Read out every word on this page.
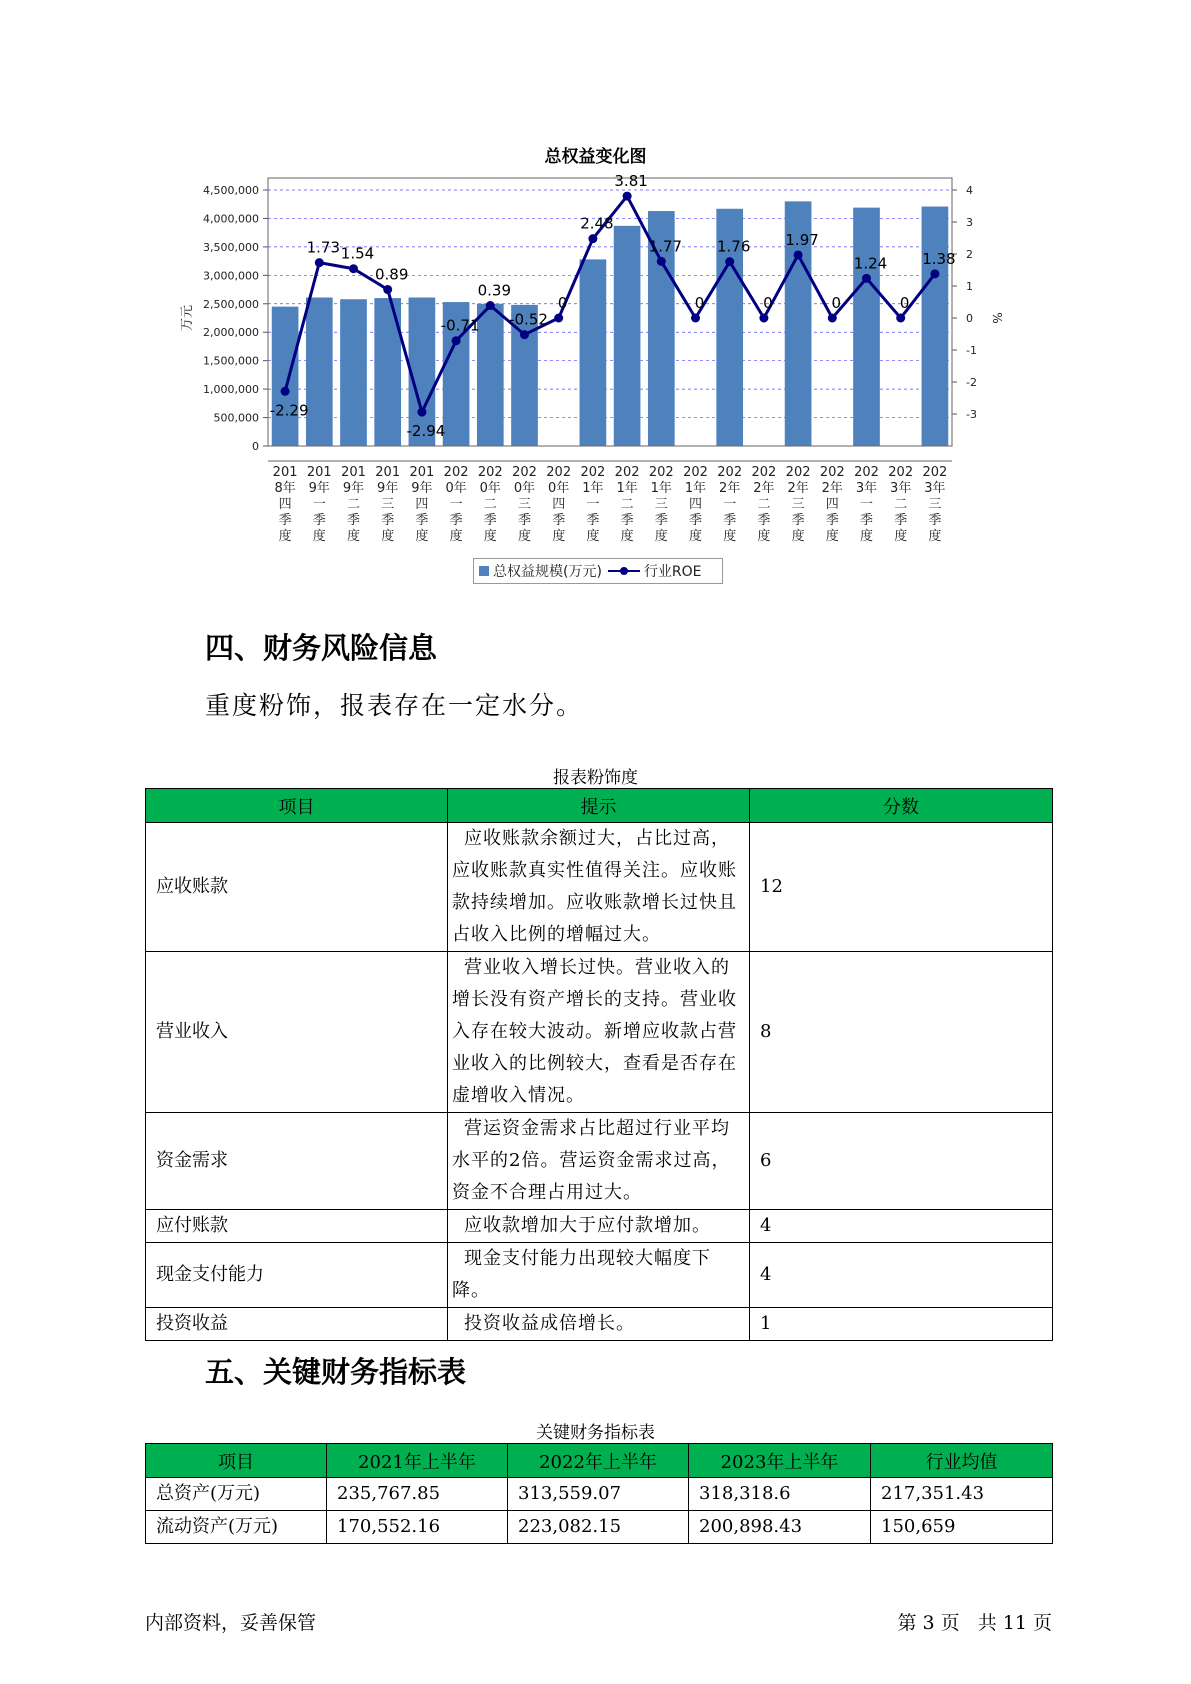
总权益变化图
0
500,000
1,000,000
1,500,000
2,000,000
2,500,000
3,000,000
3,500,000
4,000,000
4,500,000
-3
-2
-1
0
1
2
3
4
万元	%
201 8年四季度
201 9年一季度
201 9年二季度
201 9年三季度
201 9年四季度
202 0年一季度
202 0年二季度
202 0年三季度
202 0年四季度
202 1年一季度
202 1年二季度
202 1年三季度
202 1年四季度
202 2年一季度
202 2年二季度
202 2年三季度
202 2年四季度
202 3年一季度
202 3年二季度
202 3年三季度
-2.29
1.73 1.54
0.89
-2.94
-0.71
0.39
-0.52
0
2.48
3.81
1.77
0
1.76
0
1.97
0
1.24
0
1.38
总权益规模(万元)	行业ROE
四、财务风险信息
重度粉饰，报表存在一定水分。
报表粉饰度
项目	提示	分数
应收账款	应收账款余额过大，占比过高，
应收账款真实性值得关注。应收账
款持续增加。应收账款增长过快且
占收入比例的增幅过大。	12
营业收入	营业收入增长过快。营业收入的
增长没有资产增长的支持。营业收
入存在较大波动。新增应收款占营
业收入的比例较大，查看是否存在
虚增收入情况。	8
资金需求	营运资金需求占比超过行业平均
水平的2倍。营运资金需求过高，
资金不合理占用过大。	6
应付账款	应收款增加大于应付款增加。	4
现金支付能力	现金支付能力出现较大幅度下降。	4
投资收益	投资收益成倍增长。	1
五、关键财务指标表
关键财务指标表
项目	2021年上半年	2022年上半年	2023年上半年	行业均值
总资产(万元)	235,767.85	313,559.07	318,318.6	217,351.43
流动资产(万元)	170,552.16	223,082.15	200,898.43	150,659
内部资料，妥善保管	第 3 页   共 11 页
